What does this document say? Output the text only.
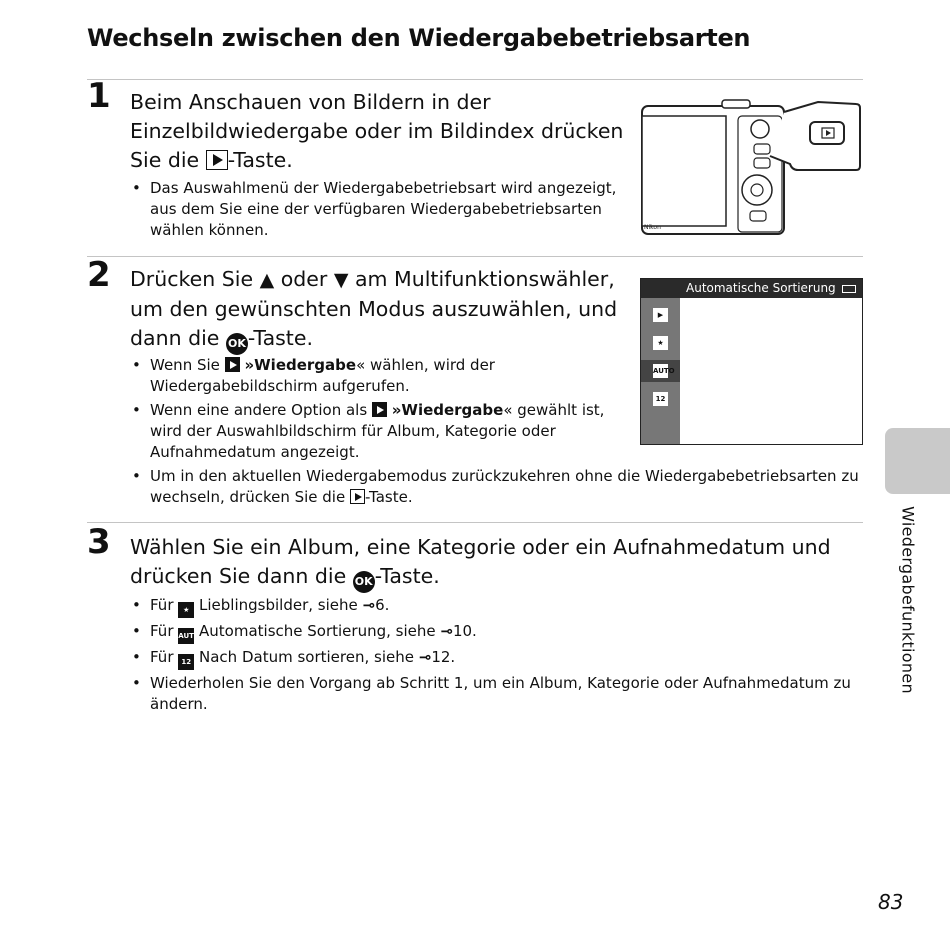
Wechseln zwischen den Wiedergabebetriebsarten
1 Beim Anschauen von Bildern in der
Einzelbildwiedergabe oder im Bildindex drücken
Sie die -Taste.
• Das Auswahlmenü der Wiedergabebetriebsart wird angezeigt,
aus dem Sie eine der verfügbaren Wiedergabebetriebsarten
wählen können.	Nikon
2 Drücken Sie ▲ oder ▼ am Multifunktionswähler,
um den gewünschten Modus auszuwählen, und
dann die OK -Taste.
• Wenn Sie  »Wiedergabe« wählen, wird der
Wiedergabebildschirm aufgerufen.
• Wenn eine andere Option als  »Wiedergabe« gewählt ist,
wird der Auswahlbildschirm für Album, Kategorie oder
Aufnahmedatum angezeigt.
• Um in den aktuellen Wiedergabemodus zurückzukehren ohne die Wiedergabebetriebsarten zu
wechseln, drücken Sie die -Taste.
Automatische Sortierung
▶
★
AUTO
12
3 Wählen Sie ein Album, eine Kategorie oder ein Aufnahmedatum und
drücken Sie dann die OK -Taste.
• Für ★ Lieblingsbilder, siehe ⊸6.
• Für AUTO Automatische Sortierung, siehe ⊸10.
• Für 12 Nach Datum sortieren, siehe ⊸12.
• Wiederholen Sie den Vorgang ab Schritt 1, um ein Album, Kategorie oder Aufnahmedatum zu
ändern.
Wiedergabefunktionen
83
